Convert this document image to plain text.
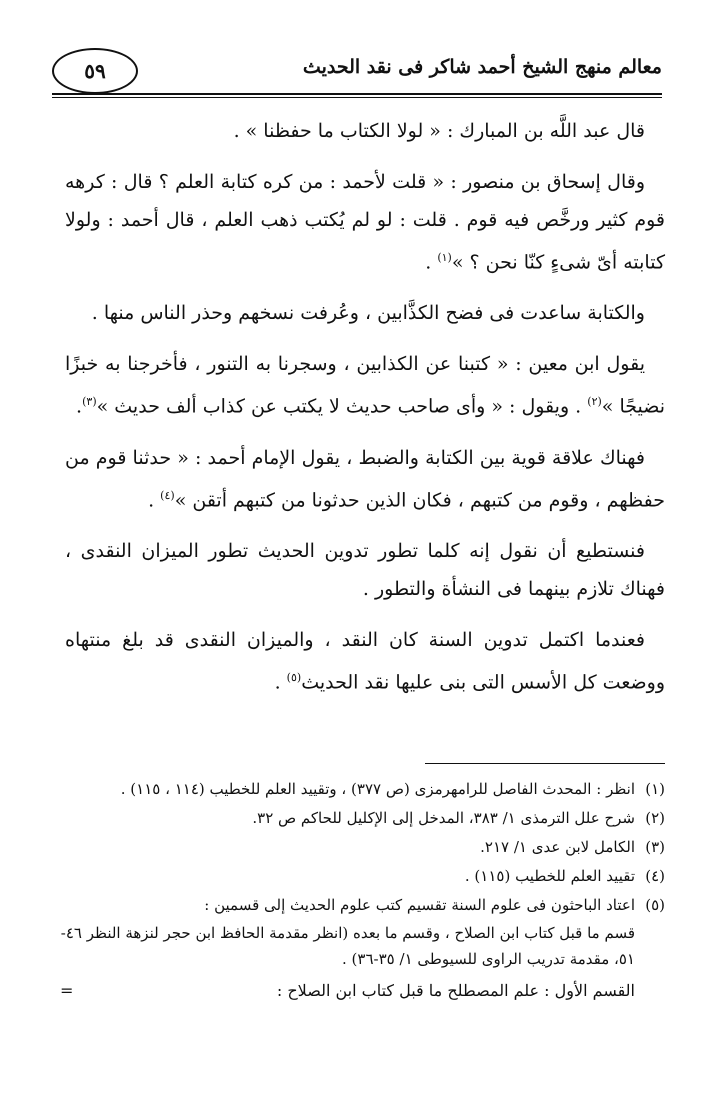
معالم منهج الشيخ أحمد شاكر فى نقد الحديث
٥٩

قال عبد اللَّه بن المبارك : « لولا الكتاب ما حفظنا » .

وقال إسحاق بن منصور : « قلت لأحمد : من كره كتابة العلم ؟ قال : كرهه قوم كثير ورخَّص فيه قوم . قلت : لو لم يُكتب ذهب العلم ، قال أحمد : ولولا كتابته أىّ شىءٍ كنّا نحن ؟ »$^{(١)}$ .

والكتابة ساعدت فى فضح الكذَّابين ، وعُرفت نسخهم وحذر الناس منها .

يقول ابن معين : « كتبنا عن الكذابين ، وسجرنا به التنور ، فأخرجنا به خبزًا نضيجًا »$^{(٢)}$ . ويقول : « وأى صاحب حديث لا يكتب عن كذاب ألف حديث »$^{(٣)}$.

فهناك علاقة قوية بين الكتابة والضبط ، يقول الإمام أحمد : « حدثنا قوم من حفظهم ، وقوم من كتبهم ، فكان الذين حدثونا من كتبهم أتقن »$^{(٤)}$ .

فنستطيع أن نقول إنه كلما تطور تدوين الحديث تطور الميزان النقدى ، فهناك تلازم بينهما فى النشأة والتطور .

فعندما اكتمل تدوين السنة كان النقد ، والميزان النقدى قد بلغ منتهاه ووضعت كل الأسس التى بنى عليها نقد الحديث$^{(٥)}$ .

(١)
انظر : المحدث الفاصل للرامهرمزى (ص ٣٧٧) ، وتقييد العلم للخطيب (١١٤ ، ١١٥) .
(٢)
شرح علل الترمذى ١/ ٣٨٣، المدخل إلى الإكليل للحاكم ص ٣٢.
(٣)
الكامل لابن عدى ١/ ٢١٧.
(٤)
تقييد العلم للخطيب (١١٥) .
(٥)
اعتاد الباحثون فى علوم السنة تقسيم كتب علوم الحديث إلى قسمين :

قسم ما قبل كتاب ابن الصلاح ، وقسم ما بعده (انظر مقدمة الحافظ ابن حجر لنزهة النظر ٤٦- ٥١، مقدمة تدريب الراوى للسيوطى ١/ ٣٥-٣٦) .

القسم الأول : علم المصطلح ما قبل كتاب ابن الصلاح :
=
